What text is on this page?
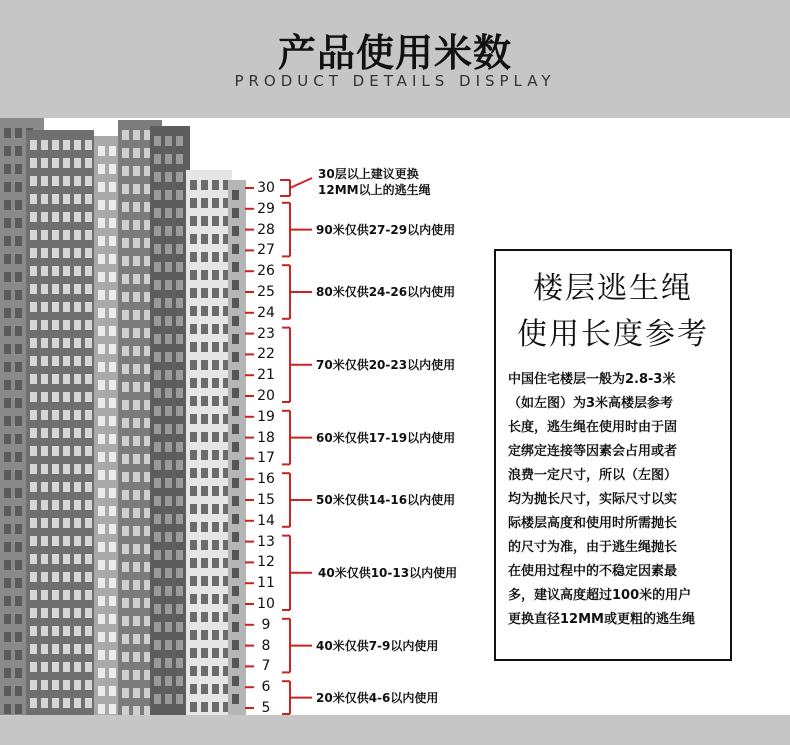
产品使用米数
PRODUCT DETAILS DISPLAY
30
29
28
27
26
25
24
23
22
21
20
19
18
17
16
15
14
13
12
11
10
9
8
7
6
5
30层以上建议更换
12MM以上的逃生绳
90米仅供27-29以内使用
80米仅供24-26以内使用
70米仅供20-23以内使用
60米仅供17-19以内使用
50米仅供14-16以内使用
40米仅供10-13以内使用
40米仅供7-9以内使用
20米仅供4-6以内使用
楼层逃生绳
使用长度参考
中国住宅楼层一般为2.8-3米
（如左图）为3米高楼层参考
长度，逃生绳在使用时由于固
定绑定连接等因素会占用或者
浪费一定尺寸，所以（左图）
均为抛长尺寸，实际尺寸以实
际楼层高度和使用时所需抛长
的尺寸为准，由于逃生绳抛长
在使用过程中的不稳定因素最
多，建议高度超过100米的用户
更换直径12MM或更粗的逃生绳
